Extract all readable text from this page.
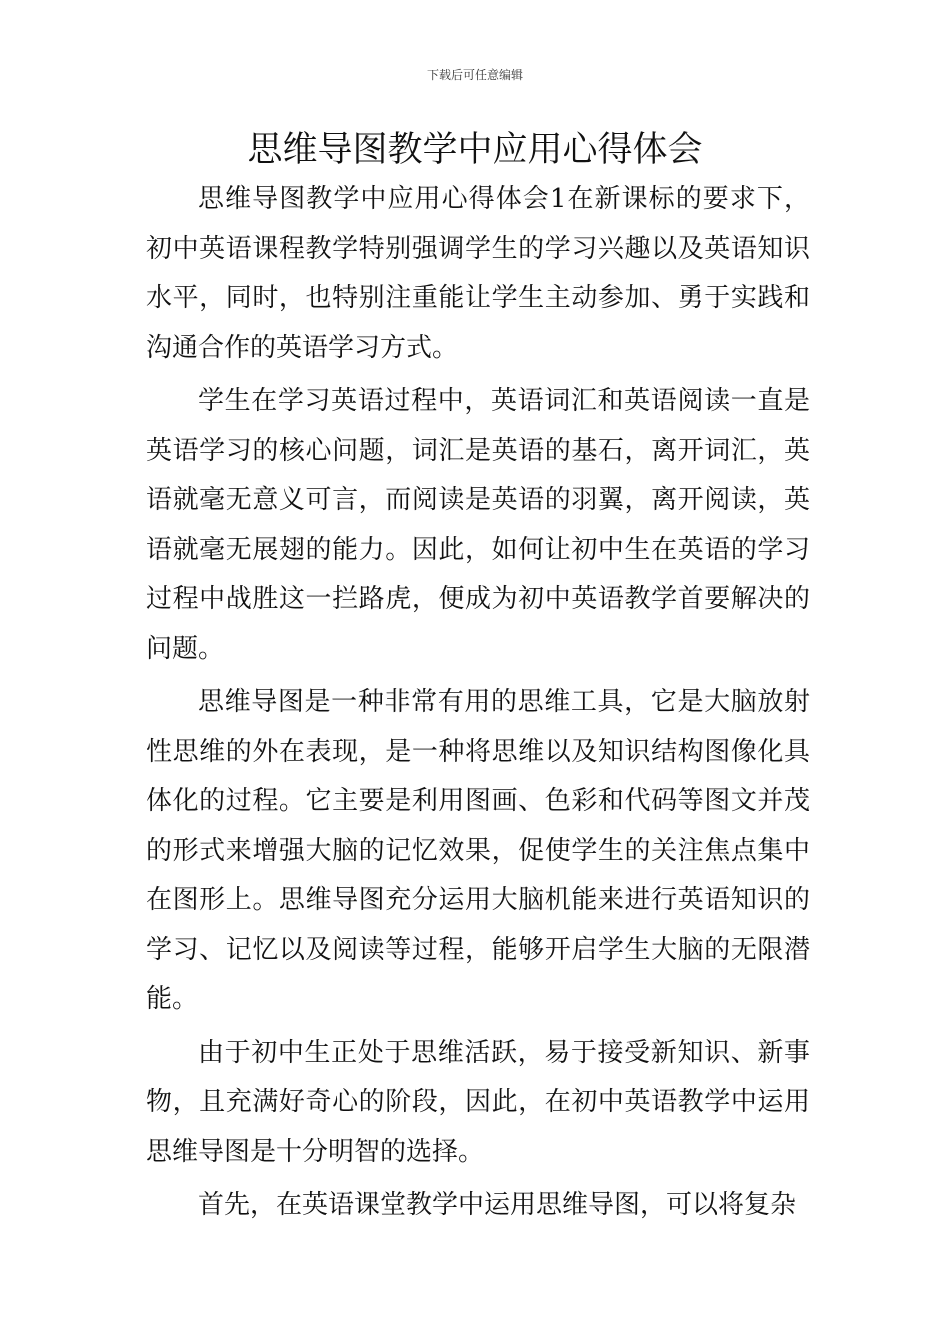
下载后可任意编辑
思维导图教学中应用心得体会

思维导图教学中应用心得体会1在新课标的要求下，初中英语课程教学特别强调学生的学习兴趣以及英语知识水平，同时，也特别注重能让学生主动参加、勇于实践和沟通合作的英语学习方式。

学生在学习英语过程中，英语词汇和英语阅读一直是英语学习的核心问题，词汇是英语的基石，离开词汇，英语就毫无意义可言，而阅读是英语的羽翼，离开阅读，英语就毫无展翅的能力。因此，如何让初中生在英语的学习过程中战胜这一拦路虎，便成为初中英语教学首要解决的问题。

思维导图是一种非常有用的思维工具，它是大脑放射性思维的外在表现，是一种将思维以及知识结构图像化具体化的过程。它主要是利用图画、色彩和代码等图文并茂的形式来增强大脑的记忆效果，促使学生的关注焦点集中在图形上。思维导图充分运用大脑机能来进行英语知识的学习、记忆以及阅读等过程，能够开启学生大脑的无限潜能。

由于初中生正处于思维活跃，易于接受新知识、新事物，且充满好奇心的阶段，因此，在初中英语教学中运用思维导图是十分明智的选择。

首先，在英语课堂教学中运用思维导图，可以将复杂
